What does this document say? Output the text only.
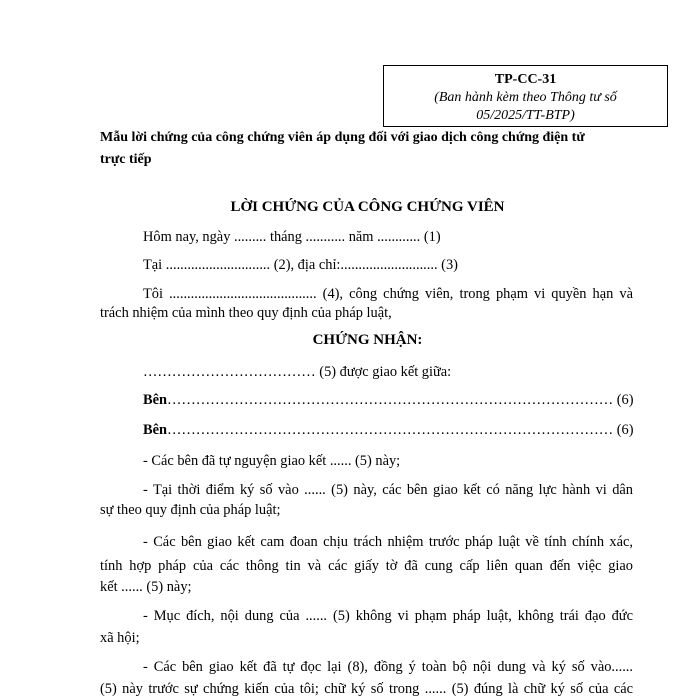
TP-CC-31
(Ban hành kèm theo Thông tư số
05/2025/TT-BTP)
Mẫu lời chứng của công chứng viên áp dụng đối với giao dịch công chứng điện tử
trực tiếp
LỜI CHỨNG CỦA CÔNG CHỨNG VIÊN
Hôm nay, ngày ......... tháng ........... năm ............ (1)
Tại ............................. (2), địa chỉ:........................... (3)
Tôi ......................................... (4), công chứng viên, trong phạm vi quyền hạn và
trách nhiệm của mình theo quy định của pháp luật,
CHỨNG NHẬN:
……………………………… (5) được giao kết giữa:
Bên………………………………………………………………………………… (6)
Bên………………………………………………………………………………… (6)
- Các bên đã tự nguyện giao kết ...... (5) này;
- Tại thời điểm ký số vào ...... (5) này, các bên giao kết có năng lực hành vi dân
sự theo quy định của pháp luật;
- Các bên giao kết cam đoan chịu trách nhiệm trước pháp luật về tính chính xác,
tính hợp pháp của các thông tin và các giấy tờ đã cung cấp liên quan đến việc giao
kết ...... (5) này;
- Mục đích, nội dung của ...... (5) không vi phạm pháp luật, không trái đạo đức
xã hội;
- Các bên giao kết đã tự đọc lại (8), đồng ý toàn bộ nội dung và ký số vào......
(5) này trước sự chứng kiến của tôi; chữ ký số trong ...... (5) đúng là chữ ký số của các
